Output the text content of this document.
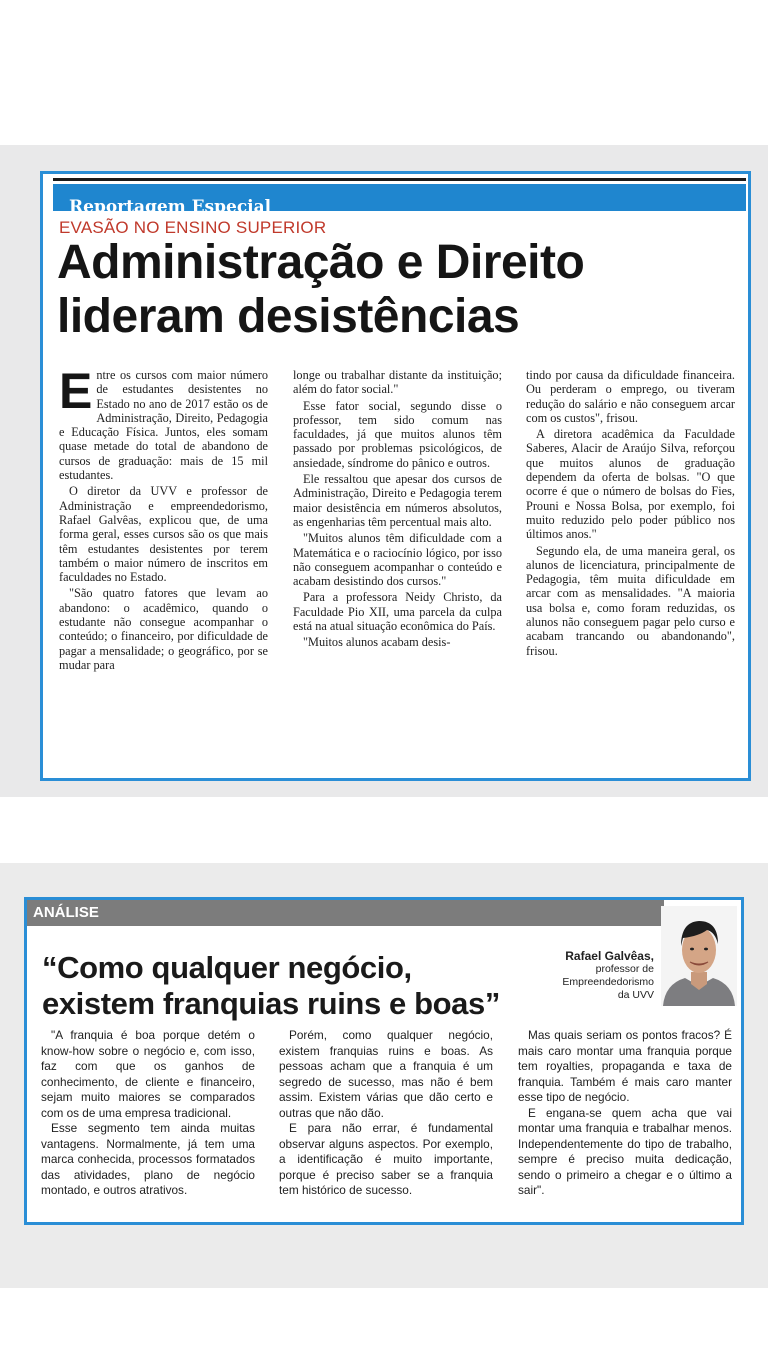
Reportagem Especial
EVASÃO NO ENSINO SUPERIOR
Administração e Direito
lideram desistências

Entre os cursos com maior número de estudantes desistentes no Estado no ano de 2017 estão os de Administração, Direito, Pedagogia e Educação Física. Juntos, eles somam quase metade do total de abandono de cursos de graduação: mais de 15 mil estudantes.

O diretor da UVV e professor de Administração e empreendedorismo, Rafael Galvêas, explicou que, de uma forma geral, esses cursos são os que mais têm estudantes desistentes por terem também o maior número de inscritos em faculdades no Estado.

"São quatro fatores que levam ao abandono: o acadêmico, quando o estudante não consegue acompanhar o conteúdo; o financeiro, por dificuldade de pagar a mensalidade; o geográfico, por se mudar para

longe ou trabalhar distante da instituição; além do fator social."

Esse fator social, segundo disse o professor, tem sido comum nas faculdades, já que muitos alunos têm passado por problemas psicológicos, de ansiedade, síndrome do pânico e outros.

Ele ressaltou que apesar dos cursos de Administração, Direito e Pedagogia terem maior desistência em números absolutos, as engenharias têm percentual mais alto.

"Muitos alunos têm dificuldade com a Matemática e o raciocínio lógico, por isso não conseguem acompanhar o conteúdo e acabam desistindo dos cursos."

Para a professora Neidy Christo, da Faculdade Pio XII, uma parcela da culpa está na atual situação econômica do País.

"Muitos alunos acabam desis-

tindo por causa da dificuldade financeira. Ou perderam o emprego, ou tiveram redução do salário e não conseguem arcar com os custos", frisou.

A diretora acadêmica da Faculdade Saberes, Alacir de Araújo Silva, reforçou que muitos alunos de graduação dependem da oferta de bolsas. "O que ocorre é que o número de bolsas do Fies, Prouni e Nossa Bolsa, por exemplo, foi muito reduzido pelo poder público nos últimos anos."

Segundo ela, de uma maneira geral, os alunos de licenciatura, principalmente de Pedagogia, têm muita dificuldade em arcar com as mensalidades. "A maioria usa bolsa e, como foram reduzidas, os alunos não conseguem pagar pelo curso e acabam trancando ou abandonando", frisou.

ANÁLISE
“Como qualquer negócio,
existem franquias ruins e boas”
Rafael Galvêas,
professor de
Empreendedorismo
da UVV

"A franquia é boa porque detém o know-how sobre o negócio e, com isso, faz com que os ganhos de conhecimento, de cliente e financeiro, sejam muito maiores se comparados com os de uma empresa tradicional.

Esse segmento tem ainda muitas vantagens. Normalmente, já tem uma marca conhecida, processos formatados das atividades, plano de negócio montado, e outros atrativos.

Porém, como qualquer negócio, existem franquias ruins e boas. As pessoas acham que a franquia é um segredo de sucesso, mas não é bem assim. Existem várias que dão certo e outras que não dão.

E para não errar, é fundamental observar alguns aspectos. Por exemplo, a identificação é muito importante, porque é preciso saber se a franquia tem histórico de sucesso.

Mas quais seriam os pontos fracos? É mais caro montar uma franquia porque tem royalties, propaganda e taxa de franquia. Também é mais caro manter esse tipo de negócio.

E engana-se quem acha que vai montar uma franquia e trabalhar menos. Independentemente do tipo de trabalho, sempre é preciso muita dedicação, sendo o primeiro a chegar e o último a sair".
